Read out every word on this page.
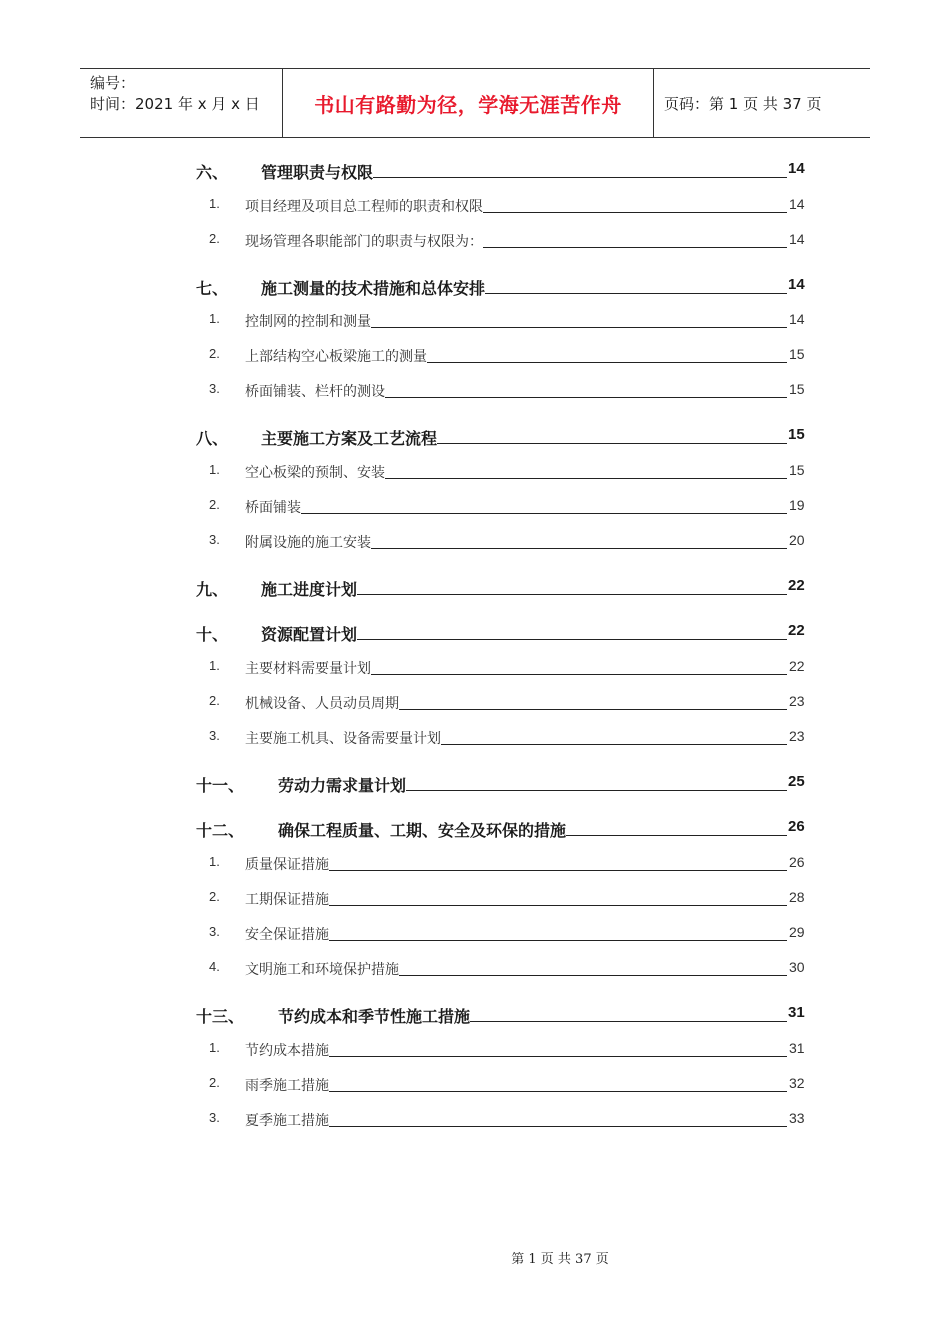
编号：
时间：2021 年 x 月 x 日	书山有路勤为径，学海无涯苦作舟	页码：第 1 页 共 37 页
六、 管理职责与权限	14
1. 项目经理及项目总工程师的职责和权限	14
2. 现场管理各职能部门的职责与权限为：	14
七、 施工测量的技术措施和总体安排	14
1. 控制网的控制和测量	14
2. 上部结构空心板梁施工的测量	15
3. 桥面铺装、栏杆的测设	15
八、 主要施工方案及工艺流程	15
1. 空心板梁的预制、安装	15
2. 桥面铺装	19
3. 附属设施的施工安装	20
九、 施工进度计划	22
十、 资源配置计划	22
1. 主要材料需要量计划	22
2. 机械设备、人员动员周期	23
3. 主要施工机具、设备需要量计划	23
十一、 劳动力需求量计划	25
十二、 确保工程质量、工期、安全及环保的措施	26
1. 质量保证措施	26
2. 工期保证措施	28
3. 安全保证措施	29
4. 文明施工和环境保护措施	30
十三、 节约成本和季节性施工措施	31
1. 节约成本措施	31
2. 雨季施工措施	32
3. 夏季施工措施	33
第 1 页 共 37 页
